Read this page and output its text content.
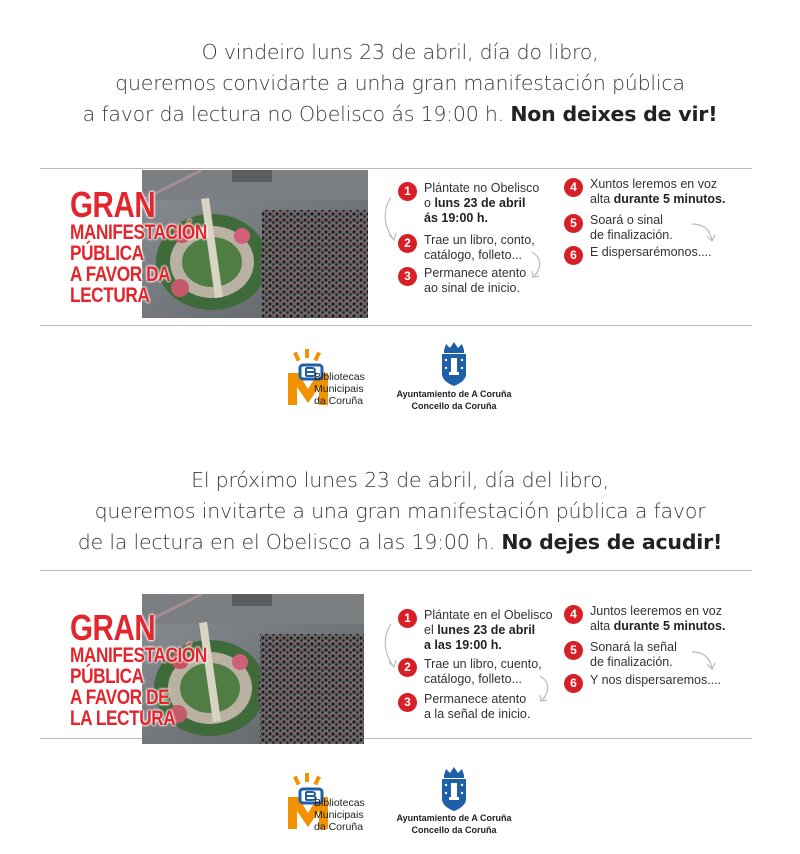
O vindeiro luns 23 de abril, día do libro,
queremos convidarte a unha gran manifestación pública
a favor da lectura no Obelisco ás 19:00 h. Non deixes de vir!
GRAN
MANIFESTACIÓN
PÚBLICA
A FAVOR DA
LECTURA
1	Plántate no Obelisco
o luns 23 de abril
ás 19:00 h.
2	Trae un libro, conto,
catálogo, folleto...
3	Permanece atento
ao sinal de inicio.
4	Xuntos leremos en voz
alta durante 5 minutos.
5	Soará o sinal
de finalización.
6	E dispersarémonos....
Bibliotecas
Municipais
da Coruña
Ayuntamiento de A Coruña
Concello da Coruña
El próximo lunes 23 de abril, día del libro,
queremos invitarte a una gran manifestación pública a favor
de la lectura en el Obelisco a las 19:00 h. No dejes de acudir!
GRAN
MANIFESTACIÓN
PÚBLICA
A FAVOR DE
LA LECTURA
1	Plántate en el Obelisco
el lunes 23 de abril
a las 19:00 h.
2	Trae un libro, cuento,
catálogo, folleto...
3	Permanece atento
a la señal de inicio.
4	Juntos leeremos en voz
alta durante 5 minutos.
5	Sonará la señal
de finalización.
6	Y nos dispersaremos....
Bibliotecas
Municipais
da Coruña
Ayuntamiento de A Coruña
Concello da Coruña
